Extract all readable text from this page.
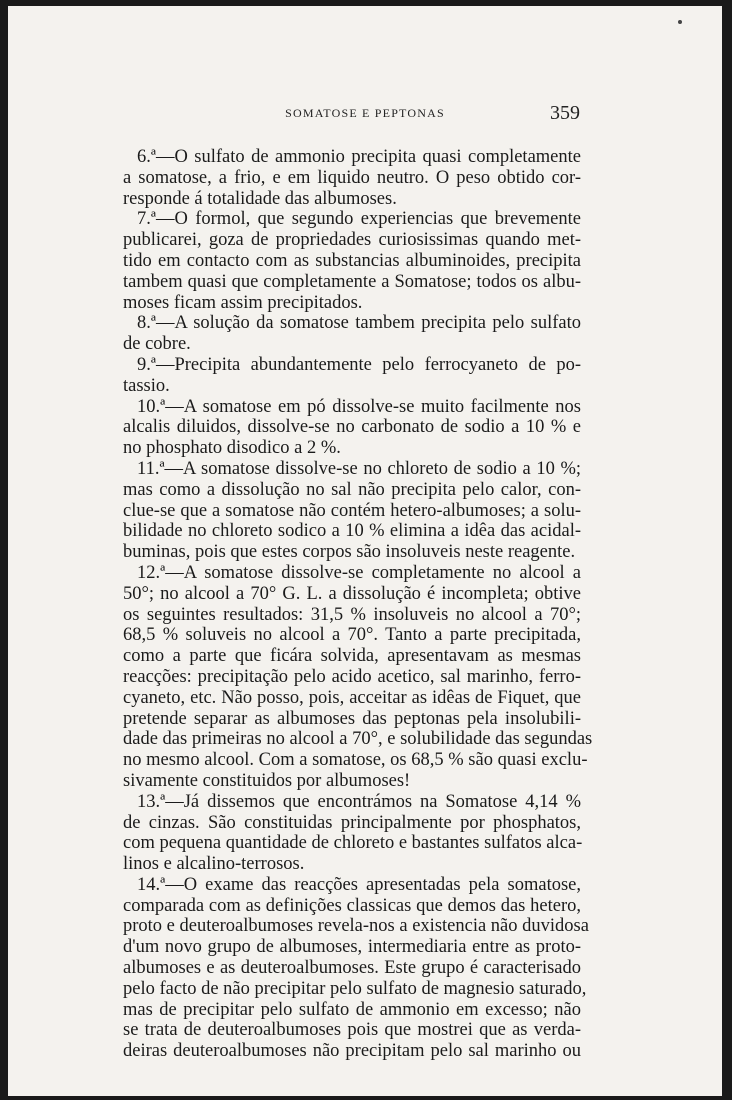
SOMATOSE E PEPTONAS	359
6.ª—O sulfato de ammonio precipita quasi completamente
a somatose, a frio, e em liquido neutro. O peso obtido cor-
responde á totalidade das albumoses.
7.ª—O formol, que segundo experiencias que brevemente
publicarei, goza de propriedades curiosissimas quando met-
tido em contacto com as substancias albuminoides, precipita
tambem quasi que completamente a Somatose; todos os albu-
moses ficam assim precipitados.
8.ª—A solução da somatose tambem precipita pelo sulfato
de cobre.
9.ª—Precipita abundantemente pelo ferrocyaneto de po-
tassio.
10.ª—A somatose em pó dissolve-se muito facilmente nos
alcalis diluidos, dissolve-se no carbonato de sodio a 10 % e
no phosphato disodico a 2 %.
11.ª—A somatose dissolve-se no chloreto de sodio a 10 %;
mas como a dissolução no sal não precipita pelo calor, con-
clue-se que a somatose não contém hetero-albumoses; a solu-
bilidade no chloreto sodico a 10 % elimina a idêa das acidal-
buminas, pois que estes corpos são insoluveis neste reagente.
12.ª—A somatose dissolve-se completamente no alcool a
50°; no alcool a 70° G. L. a dissolução é incompleta; obtive
os seguintes resultados: 31,5 % insoluveis no alcool a 70°;
68,5 % soluveis no alcool a 70°. Tanto a parte precipitada,
como a parte que ficára solvida, apresentavam as mesmas
reacções: precipitação pelo acido acetico, sal marinho, ferro-
cyaneto, etc. Não posso, pois, acceitar as idêas de Fiquet, que
pretende separar as albumoses das peptonas pela insolubili-
dade das primeiras no alcool a 70°, e solubilidade das segundas
no mesmo alcool. Com a somatose, os 68,5 % são quasi exclu-
sivamente constituidos por albumoses!
13.ª—Já dissemos que encontrámos na Somatose 4,14 %
de cinzas. São constituidas principalmente por phosphatos,
com pequena quantidade de chloreto e bastantes sulfatos alca-
linos e alcalino-terrosos.
14.ª—O exame das reacções apresentadas pela somatose,
comparada com as definições classicas que demos das hetero,
proto e deuteroalbumoses revela-nos a existencia não duvidosa
d'um novo grupo de albumoses, intermediaria entre as proto-
albumoses e as deuteroalbumoses. Este grupo é caracterisado
pelo facto de não precipitar pelo sulfato de magnesio saturado,
mas de precipitar pelo sulfato de ammonio em excesso; não
se trata de deuteroalbumoses pois que mostrei que as verda-
deiras deuteroalbumoses não precipitam pelo sal marinho ou
